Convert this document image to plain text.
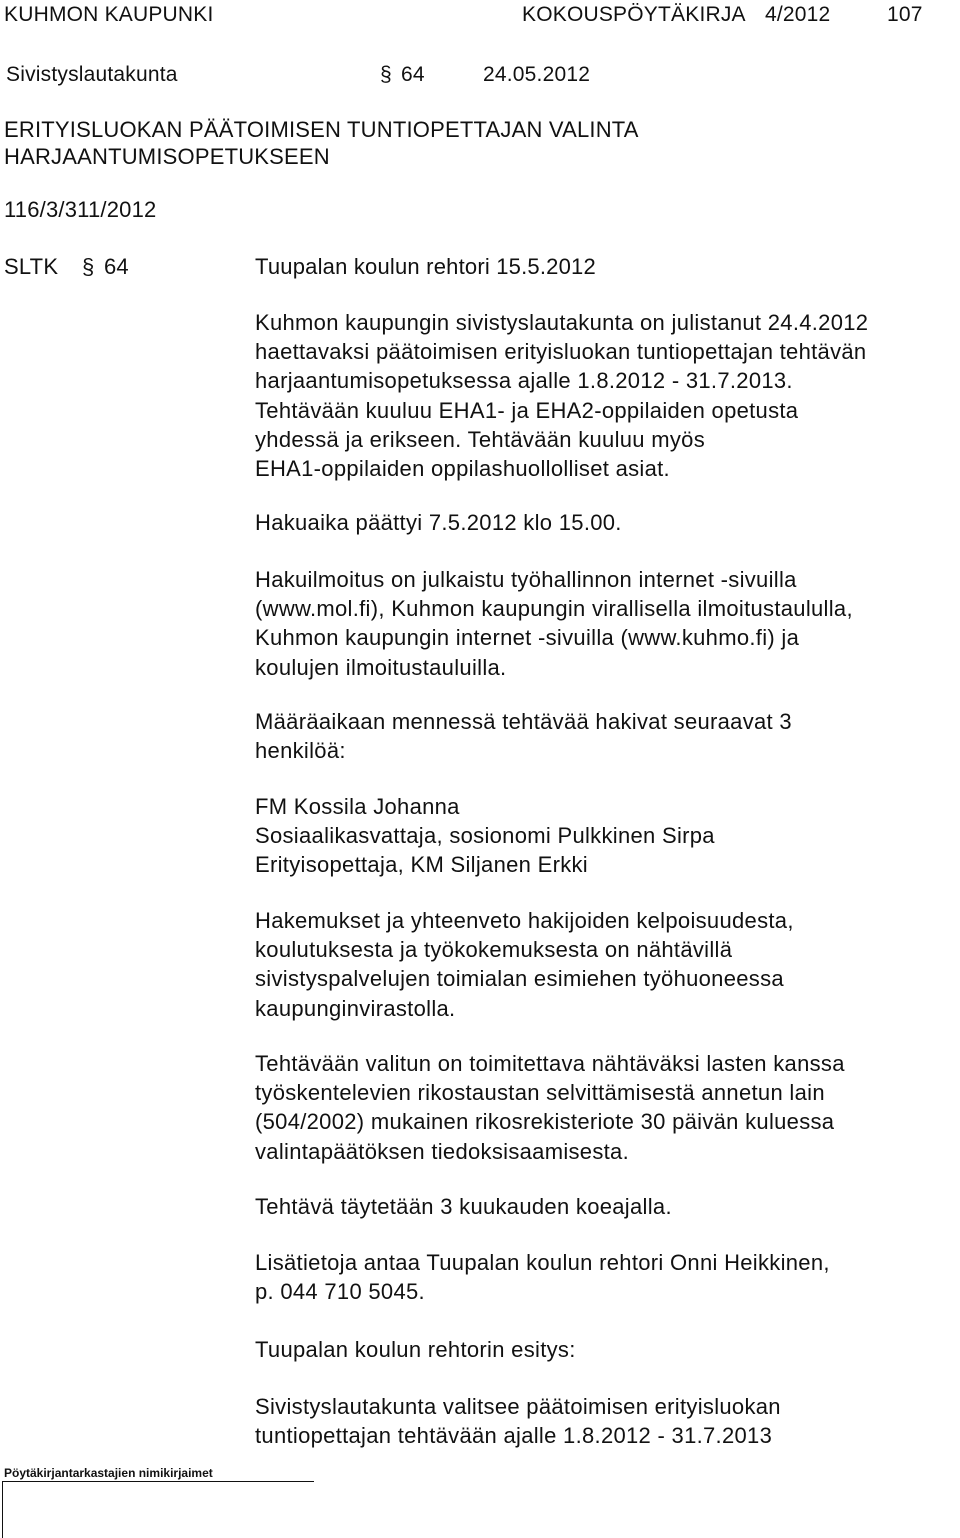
KUHMON KAUPUNKI	KOKOUSPÖYTÄKIRJA 4/2012	107
Sivistyslautakunta	§ 64	24.05.2012
ERITYISLUOKAN PÄÄTOIMISEN TUNTIOPETTAJAN VALINTA
HARJAANTUMISOPETUKSEEN
116/3/311/2012
SLTK § 64	Tuupalan koulun rehtori 15.5.2012
Kuhmon kaupungin sivistyslautakunta on julistanut 24.4.2012
haettavaksi päätoimisen erityisluokan tuntiopettajan tehtävän
harjaantumisopetuksessa ajalle 1.8.2012 - 31.7.2013.
Tehtävään kuuluu EHA1- ja EHA2-oppilaiden opetusta
yhdessä ja erikseen. Tehtävään kuuluu myös
EHA1-oppilaiden oppilashuollolliset asiat.
Hakuaika päättyi 7.5.2012 klo 15.00.
Hakuilmoitus on julkaistu työhallinnon internet -sivuilla
(www.mol.fi), Kuhmon kaupungin virallisella ilmoitustaululla,
Kuhmon kaupungin internet -sivuilla (www.kuhmo.fi) ja
koulujen ilmoitustauluilla.
Määräaikaan mennessä tehtävää hakivat seuraavat 3
henkilöä:
FM Kossila Johanna
Sosiaalikasvattaja, sosionomi Pulkkinen Sirpa
Erityisopettaja, KM Siljanen Erkki
Hakemukset ja yhteenveto hakijoiden kelpoisuudesta,
koulutuksesta ja työkokemuksesta on nähtävillä
sivistyspalvelujen toimialan esimiehen työhuoneessa
kaupunginvirastolla.
Tehtävään valitun on toimitettava nähtäväksi lasten kanssa
työskentelevien rikostaustan selvittämisestä annetun lain
(504/2002) mukainen rikosrekisteriote 30 päivän kuluessa
valintapäätöksen tiedoksisaamisesta.
Tehtävä täytetään 3 kuukauden koeajalla.
Lisätietoja antaa Tuupalan koulun rehtori Onni Heikkinen,
p. 044 710 5045.
Tuupalan koulun rehtorin esitys:
Sivistyslautakunta valitsee päätoimisen erityisluokan
tuntiopettajan tehtävään ajalle 1.8.2012 - 31.7.2013
Pöytäkirjantarkastajien nimikirjaimet
